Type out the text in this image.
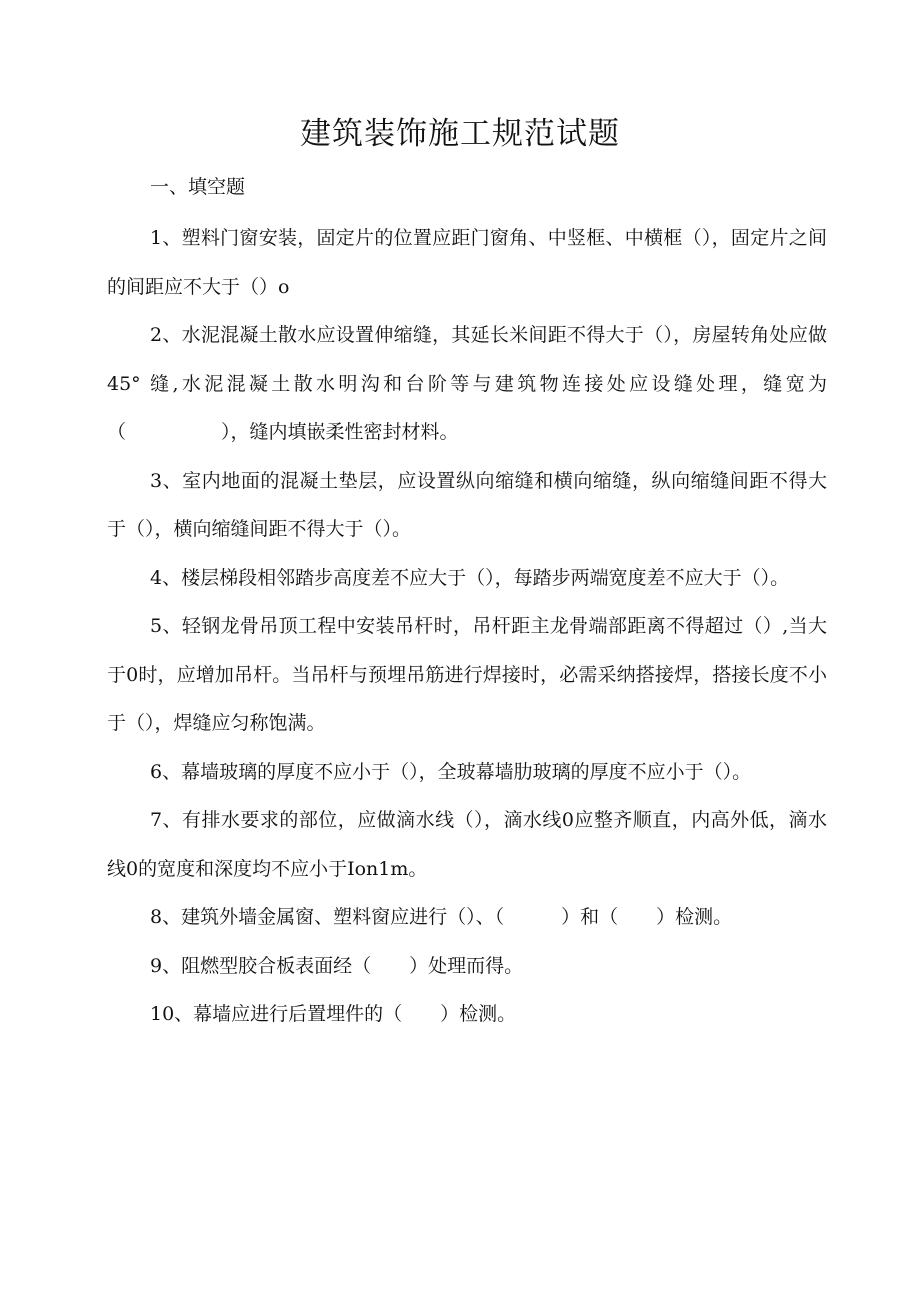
建筑装饰施工规范试题

一、填空题

1、塑料门窗安装，固定片的位置应距门窗角、中竖框、中横框（），固定片之间的间距应不大于（）o

2、水泥混凝土散水应设置伸缩缝，其延长米间距不得大于（），房屋转角处应做45° 缝,水泥混凝土散水明沟和台阶等与建筑物连接处应设缝处理，缝宽为（　　　　　），缝内填嵌柔性密封材料。

3、室内地面的混凝土垫层，应设置纵向缩缝和横向缩缝，纵向缩缝间距不得大于（），横向缩缝间距不得大于（）。

4、楼层梯段相邻踏步高度差不应大于（），每踏步两端宽度差不应大于（）。

5、轻钢龙骨吊顶工程中安装吊杆时，吊杆距主龙骨端部距离不得超过（）,当大于0时，应增加吊杆。当吊杆与预埋吊筋进行焊接时，必需采纳搭接焊，搭接长度不小于（），焊缝应匀称饱满。

6、幕墙玻璃的厚度不应小于（），全玻幕墙肋玻璃的厚度不应小于（）。

7、有排水要求的部位，应做滴水线（），滴水线0应整齐顺直，内高外低，滴水线0的宽度和深度均不应小于Ion1m。

8、建筑外墙金属窗、塑料窗应进行（）、（　　　）和（　　）检测。

9、阻燃型胶合板表面经（　　）处理而得。

10、幕墙应进行后置埋件的（　　）检测。
